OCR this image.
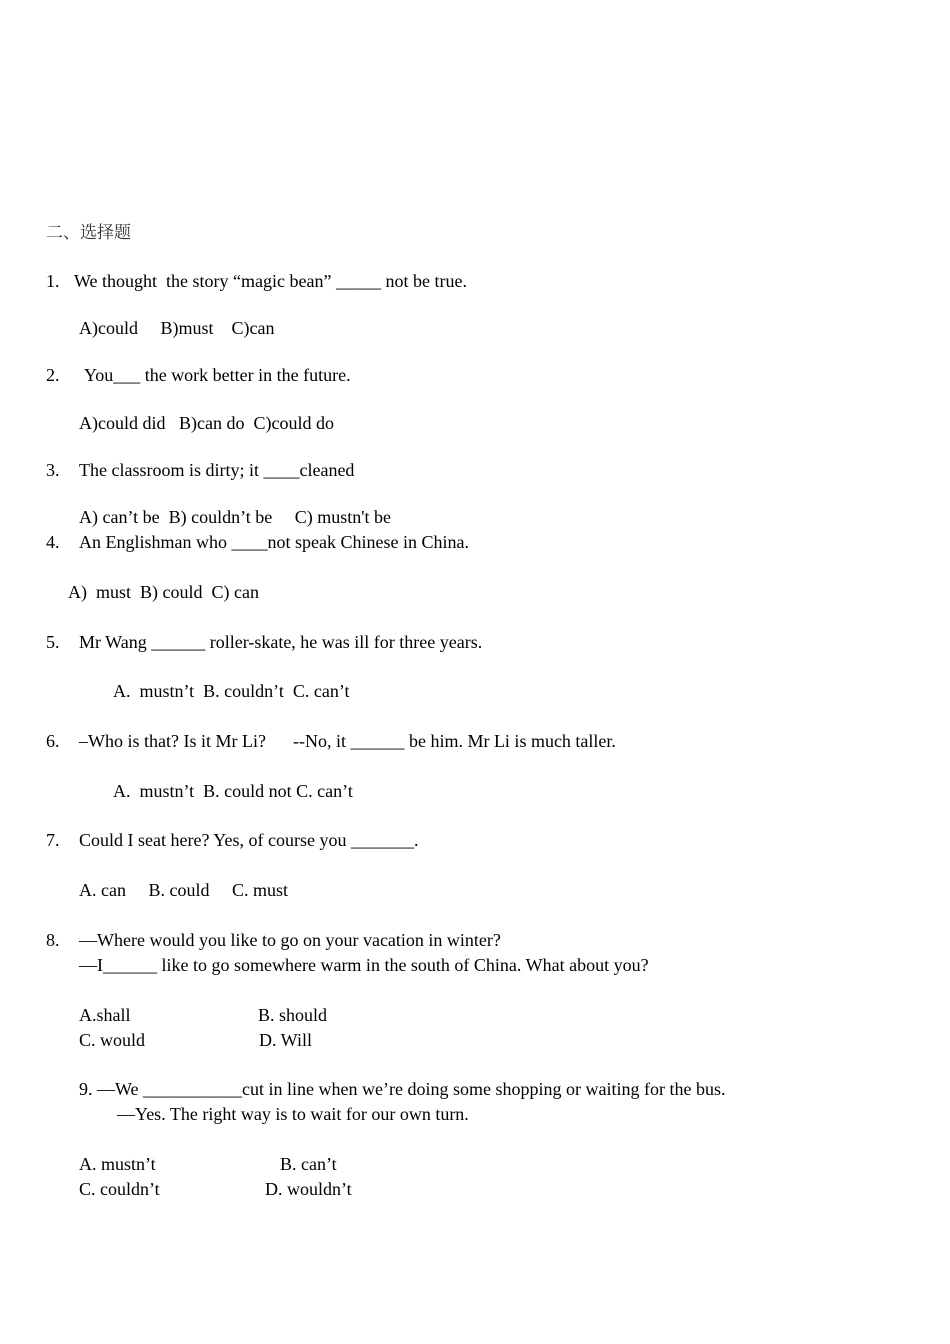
二、选择题
1. We thought  the story “magic bean” _____ not be true.
A)could     B)must    C)can
2. You___ the work better in the future.
A)could did   B)can do  C)could do
3. The classroom is dirty; it ____cleaned
A) can’t be  B) couldn’t be     C) mustn't be
4. An Englishman who ____not speak Chinese in China.
A)  must  B) could  C) can
5. Mr Wang ______ roller-skate, he was ill for three years.
A.  mustn’t  B. couldn’t  C. can’t
6. –Who is that? Is it Mr Li?      --No, it ______ be him. Mr Li is much taller.
A.  mustn’t  B. could not C. can’t
7. Could I seat here? Yes, of course you _______.
A. can     B. could     C. must
8. —Where would you like to go on your vacation in winter?
—I______ like to go somewhere warm in the south of China. What about you?
A.shall	B. should
C. would	D. Will
9. —We ___________cut in line when we’re doing some shopping or waiting for the bus.
—Yes. The right way is to wait for our own turn.
A. mustn’t	B. can’t
C. couldn’t	D. wouldn’t
